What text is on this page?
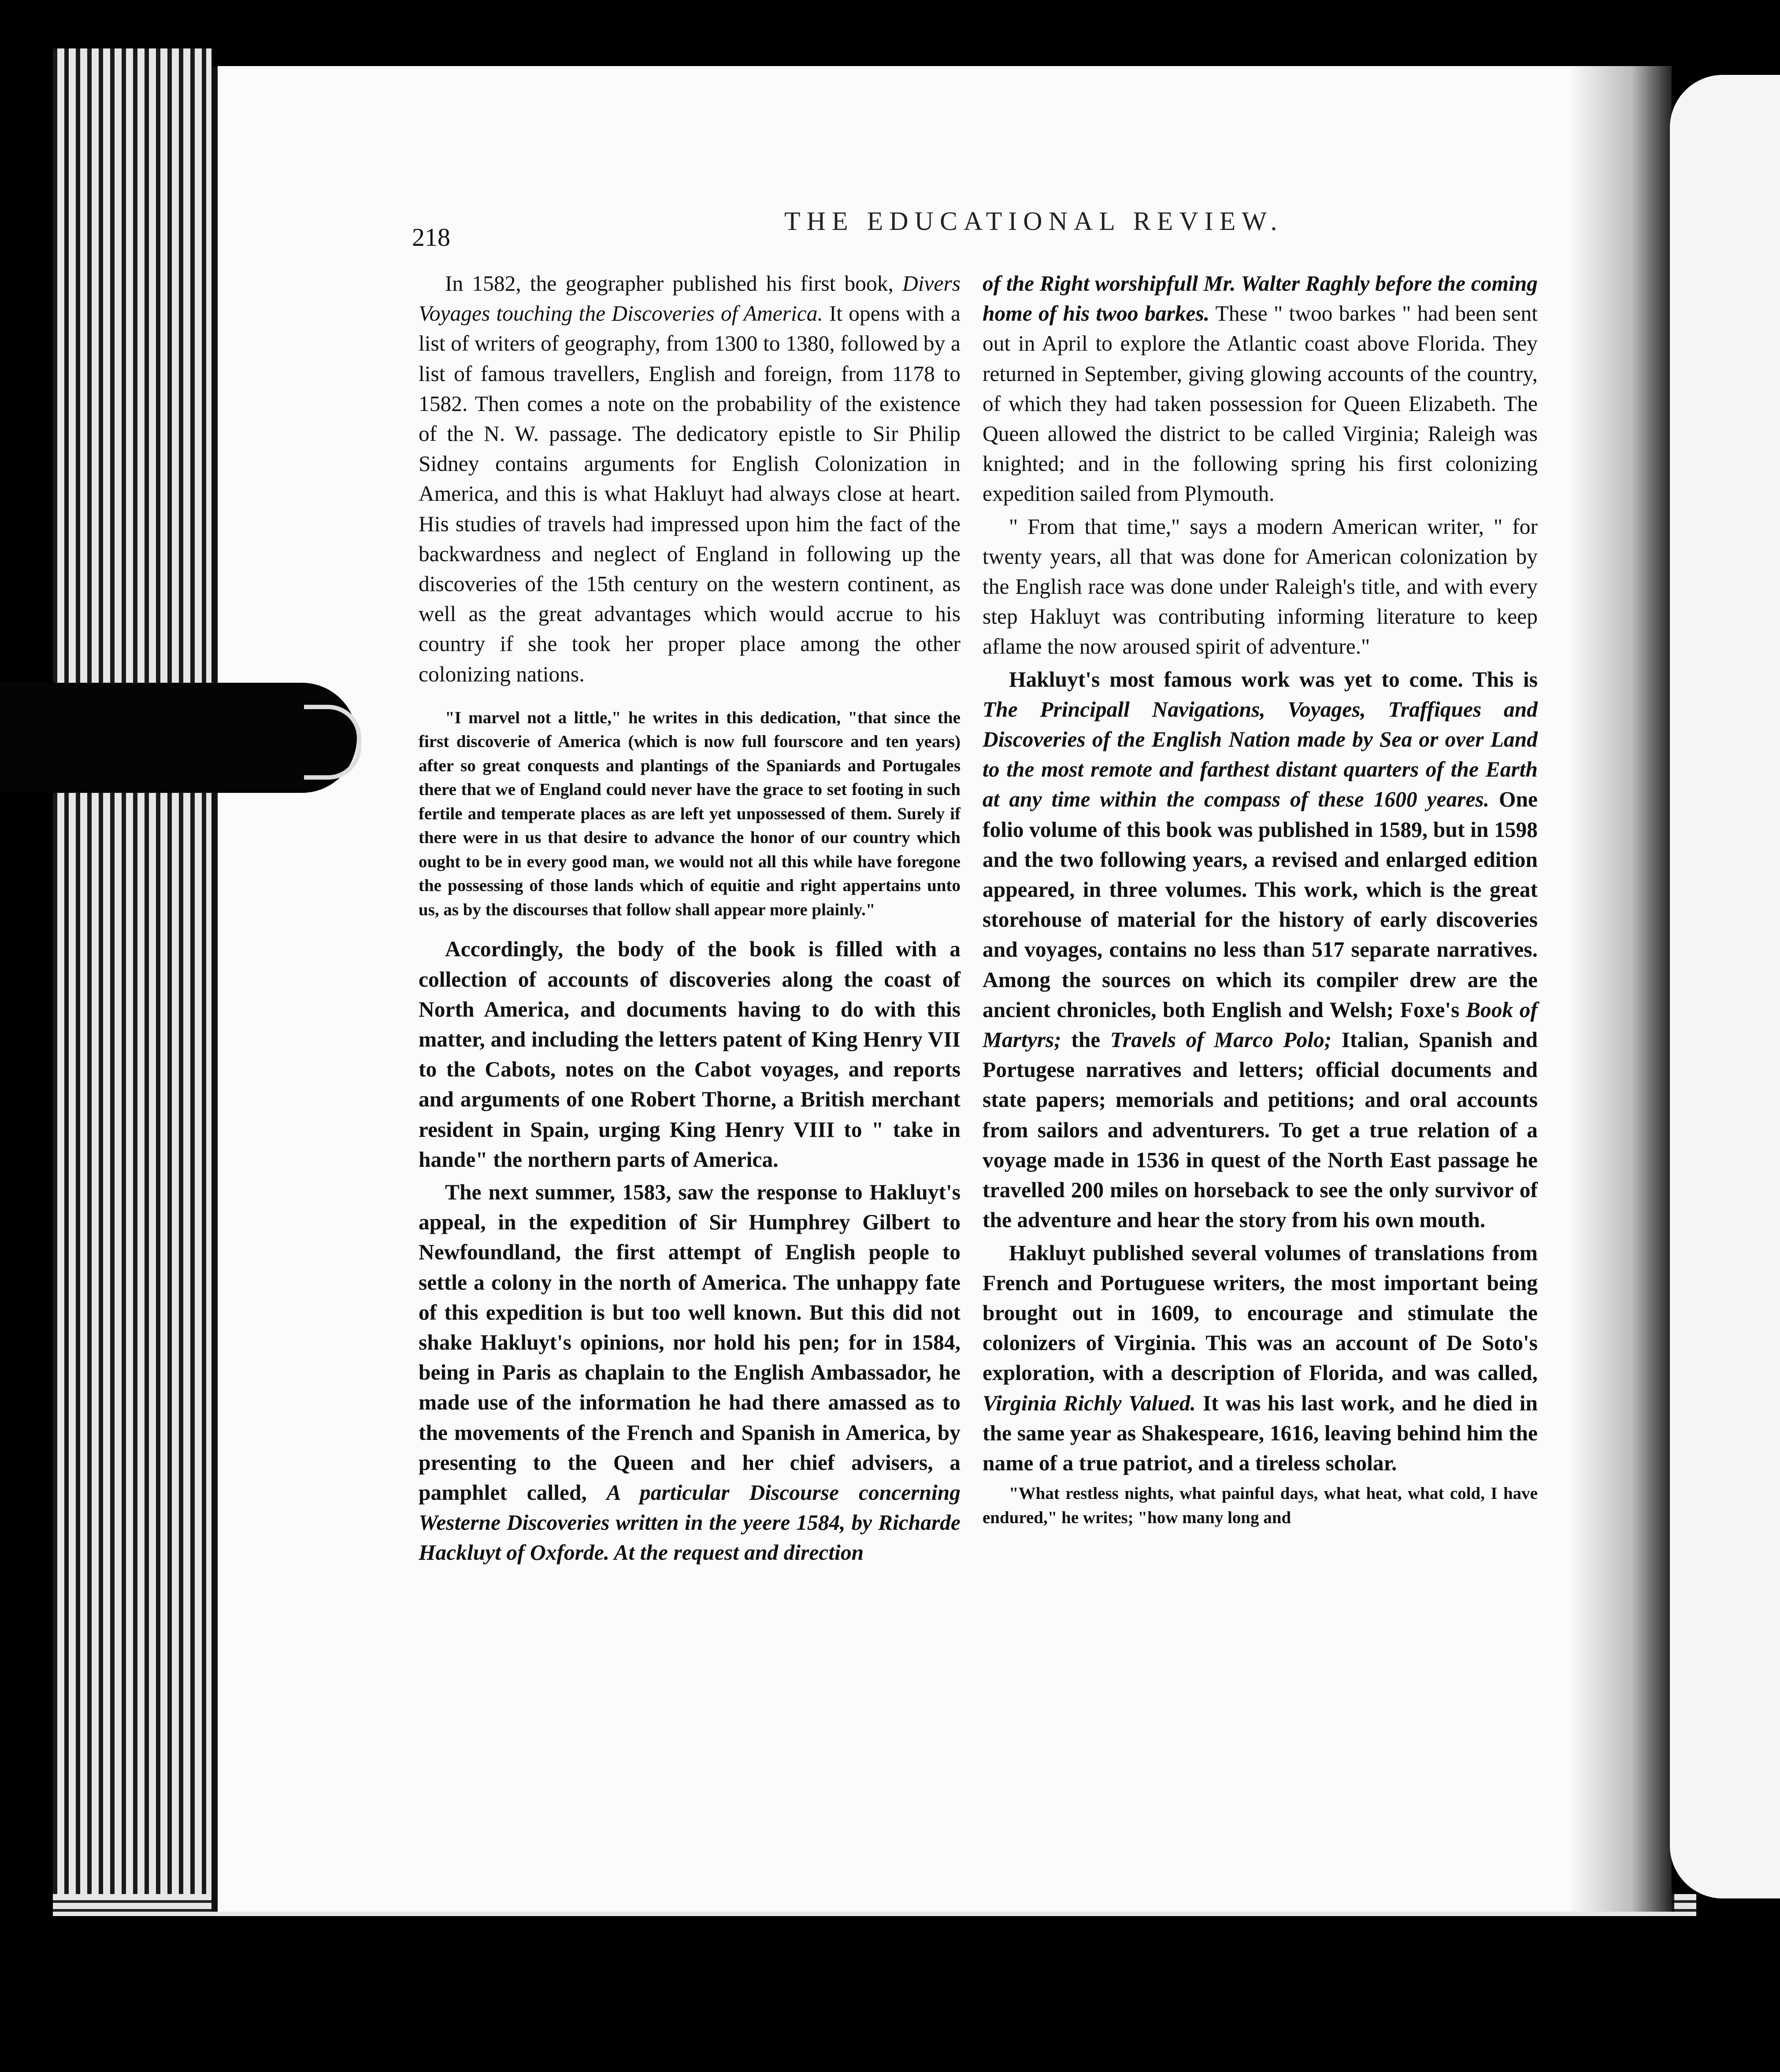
218
THE EDUCATIONAL REVIEW.

In 1582, the geographer published his first book, Divers Voyages touching the Discoveries of America. It opens with a list of writers of geography, from 1300 to 1380, followed by a list of famous travellers, English and foreign, from 1178 to 1582. Then comes a note on the probability of the existence of the N. W. passage. The dedicatory epistle to Sir Philip Sidney contains arguments for English Colonization in America, and this is what Hakluyt had always close at heart. His studies of travels had impressed upon him the fact of the backwardness and neglect of England in following up the discoveries of the 15th century on the western continent, as well as the great advantages which would accrue to his country if she took her proper place among the other colonizing nations.

"I marvel not a little," he writes in this dedication, "that since the first discoverie of America (which is now full fourscore and ten years) after so great conquests and plantings of the Spaniards and Portugales there that we of England could never have the grace to set footing in such fertile and temperate places as are left yet unpossessed of them. Surely if there were in us that desire to advance the honor of our country which ought to be in every good man, we would not all this while have foregone the possessing of those lands which of equitie and right appertains unto us, as by the discourses that follow shall appear more plainly."

Accordingly, the body of the book is filled with a collection of accounts of discoveries along the coast of North America, and documents having to do with this matter, and including the letters patent of King Henry VII to the Cabots, notes on the Cabot voyages, and reports and arguments of one Robert Thorne, a British merchant resident in Spain, urging King Henry VIII to " take in hande" the northern parts of America.

The next summer, 1583, saw the response to Hakluyt's appeal, in the expedition of Sir Humphrey Gilbert to Newfoundland, the first attempt of English people to settle a colony in the north of America. The unhappy fate of this expedition is but too well known. But this did not shake Hakluyt's opinions, nor hold his pen; for in 1584, being in Paris as chaplain to the English Ambassador, he made use of the information he had there amassed as to the movements of the French and Spanish in America, by presenting to the Queen and her chief advisers, a pamphlet called, A particular Discourse concerning Westerne Discoveries written in the yeere 1584, by Richarde Hackluyt of Oxforde. At the request and direction

of the Right worshipfull Mr. Walter Raghly before the coming home of his twoo barkes. These " twoo barkes " had been sent out in April to explore the Atlantic coast above Florida. They returned in September, giving glowing accounts of the country, of which they had taken possession for Queen Elizabeth. The Queen allowed the district to be called Virginia; Raleigh was knighted; and in the following spring his first colonizing expedition sailed from Plymouth.

" From that time," says a modern American writer, " for twenty years, all that was done for American colonization by the English race was done under Raleigh's title, and with every step Hakluyt was contributing informing literature to keep aflame the now aroused spirit of adventure."

Hakluyt's most famous work was yet to come. This is The Principall Navigations, Voyages, Traffiques and Discoveries of the English Nation made by Sea or over Land to the most remote and farthest distant quarters of the Earth at any time within the compass of these 1600 yeares. One folio volume of this book was published in 1589, but in 1598 and the two following years, a revised and enlarged edition appeared, in three volumes. This work, which is the great storehouse of material for the history of early discoveries and voyages, contains no less than 517 separate narratives. Among the sources on which its compiler drew are the ancient chronicles, both English and Welsh; Foxe's Book of Martyrs; the Travels of Marco Polo; Italian, Spanish and Portugese narratives and letters; official documents and state papers; memorials and petitions; and oral accounts from sailors and adventurers. To get a true relation of a voyage made in 1536 in quest of the North East passage he travelled 200 miles on horseback to see the only survivor of the adventure and hear the story from his own mouth.

Hakluyt published several volumes of translations from French and Portuguese writers, the most important being brought out in 1609, to encourage and stimulate the colonizers of Virginia. This was an account of De Soto's exploration, with a description of Florida, and was called, Virginia Richly Valued. It was his last work, and he died in the same year as Shakespeare, 1616, leaving behind him the name of a true patriot, and a tireless scholar.

"What restless nights, what painful days, what heat, what cold, I have endured," he writes; "how many long and
